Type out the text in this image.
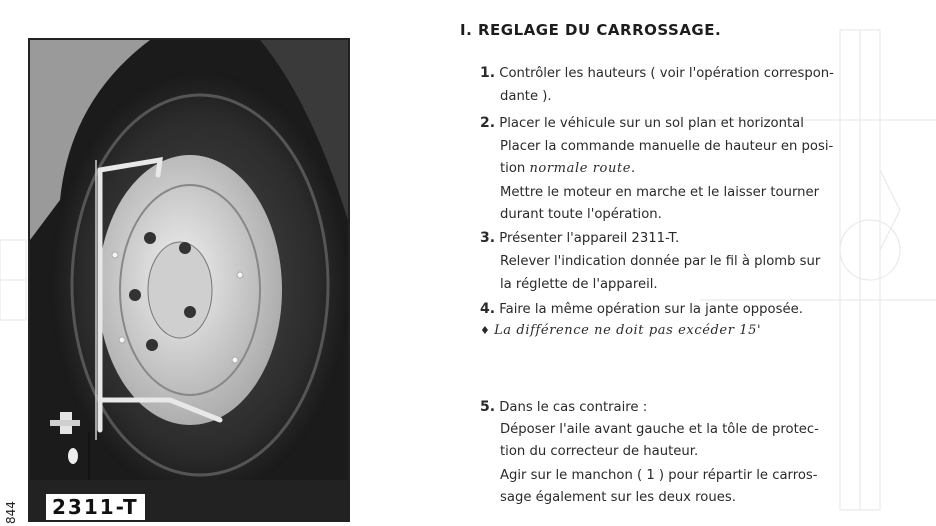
2311-T
844
I. REGLAGE DU CARROSSAGE.
1. Contrôler les hauteurs ( voir l'opération correspon-
dante ).
2. Placer le véhicule sur un sol plan et horizontal
Placer la commande manuelle de hauteur en posi-
tion normale route.
Mettre le moteur en marche et le laisser tourner
durant toute l'opération.
3. Présenter l'appareil 2311-T.
Relever l'indication donnée par le fil à plomb sur
la réglette de l'appareil.
4. Faire la même opération sur la jante opposée.
♦ La différence ne doit pas excéder 15'
5. Dans le cas contraire :
Déposer l'aile avant gauche et la tôle de protec-
tion du correcteur de hauteur.
Agir sur le manchon ( 1 ) pour répartir le carros-
sage également sur les deux roues.
